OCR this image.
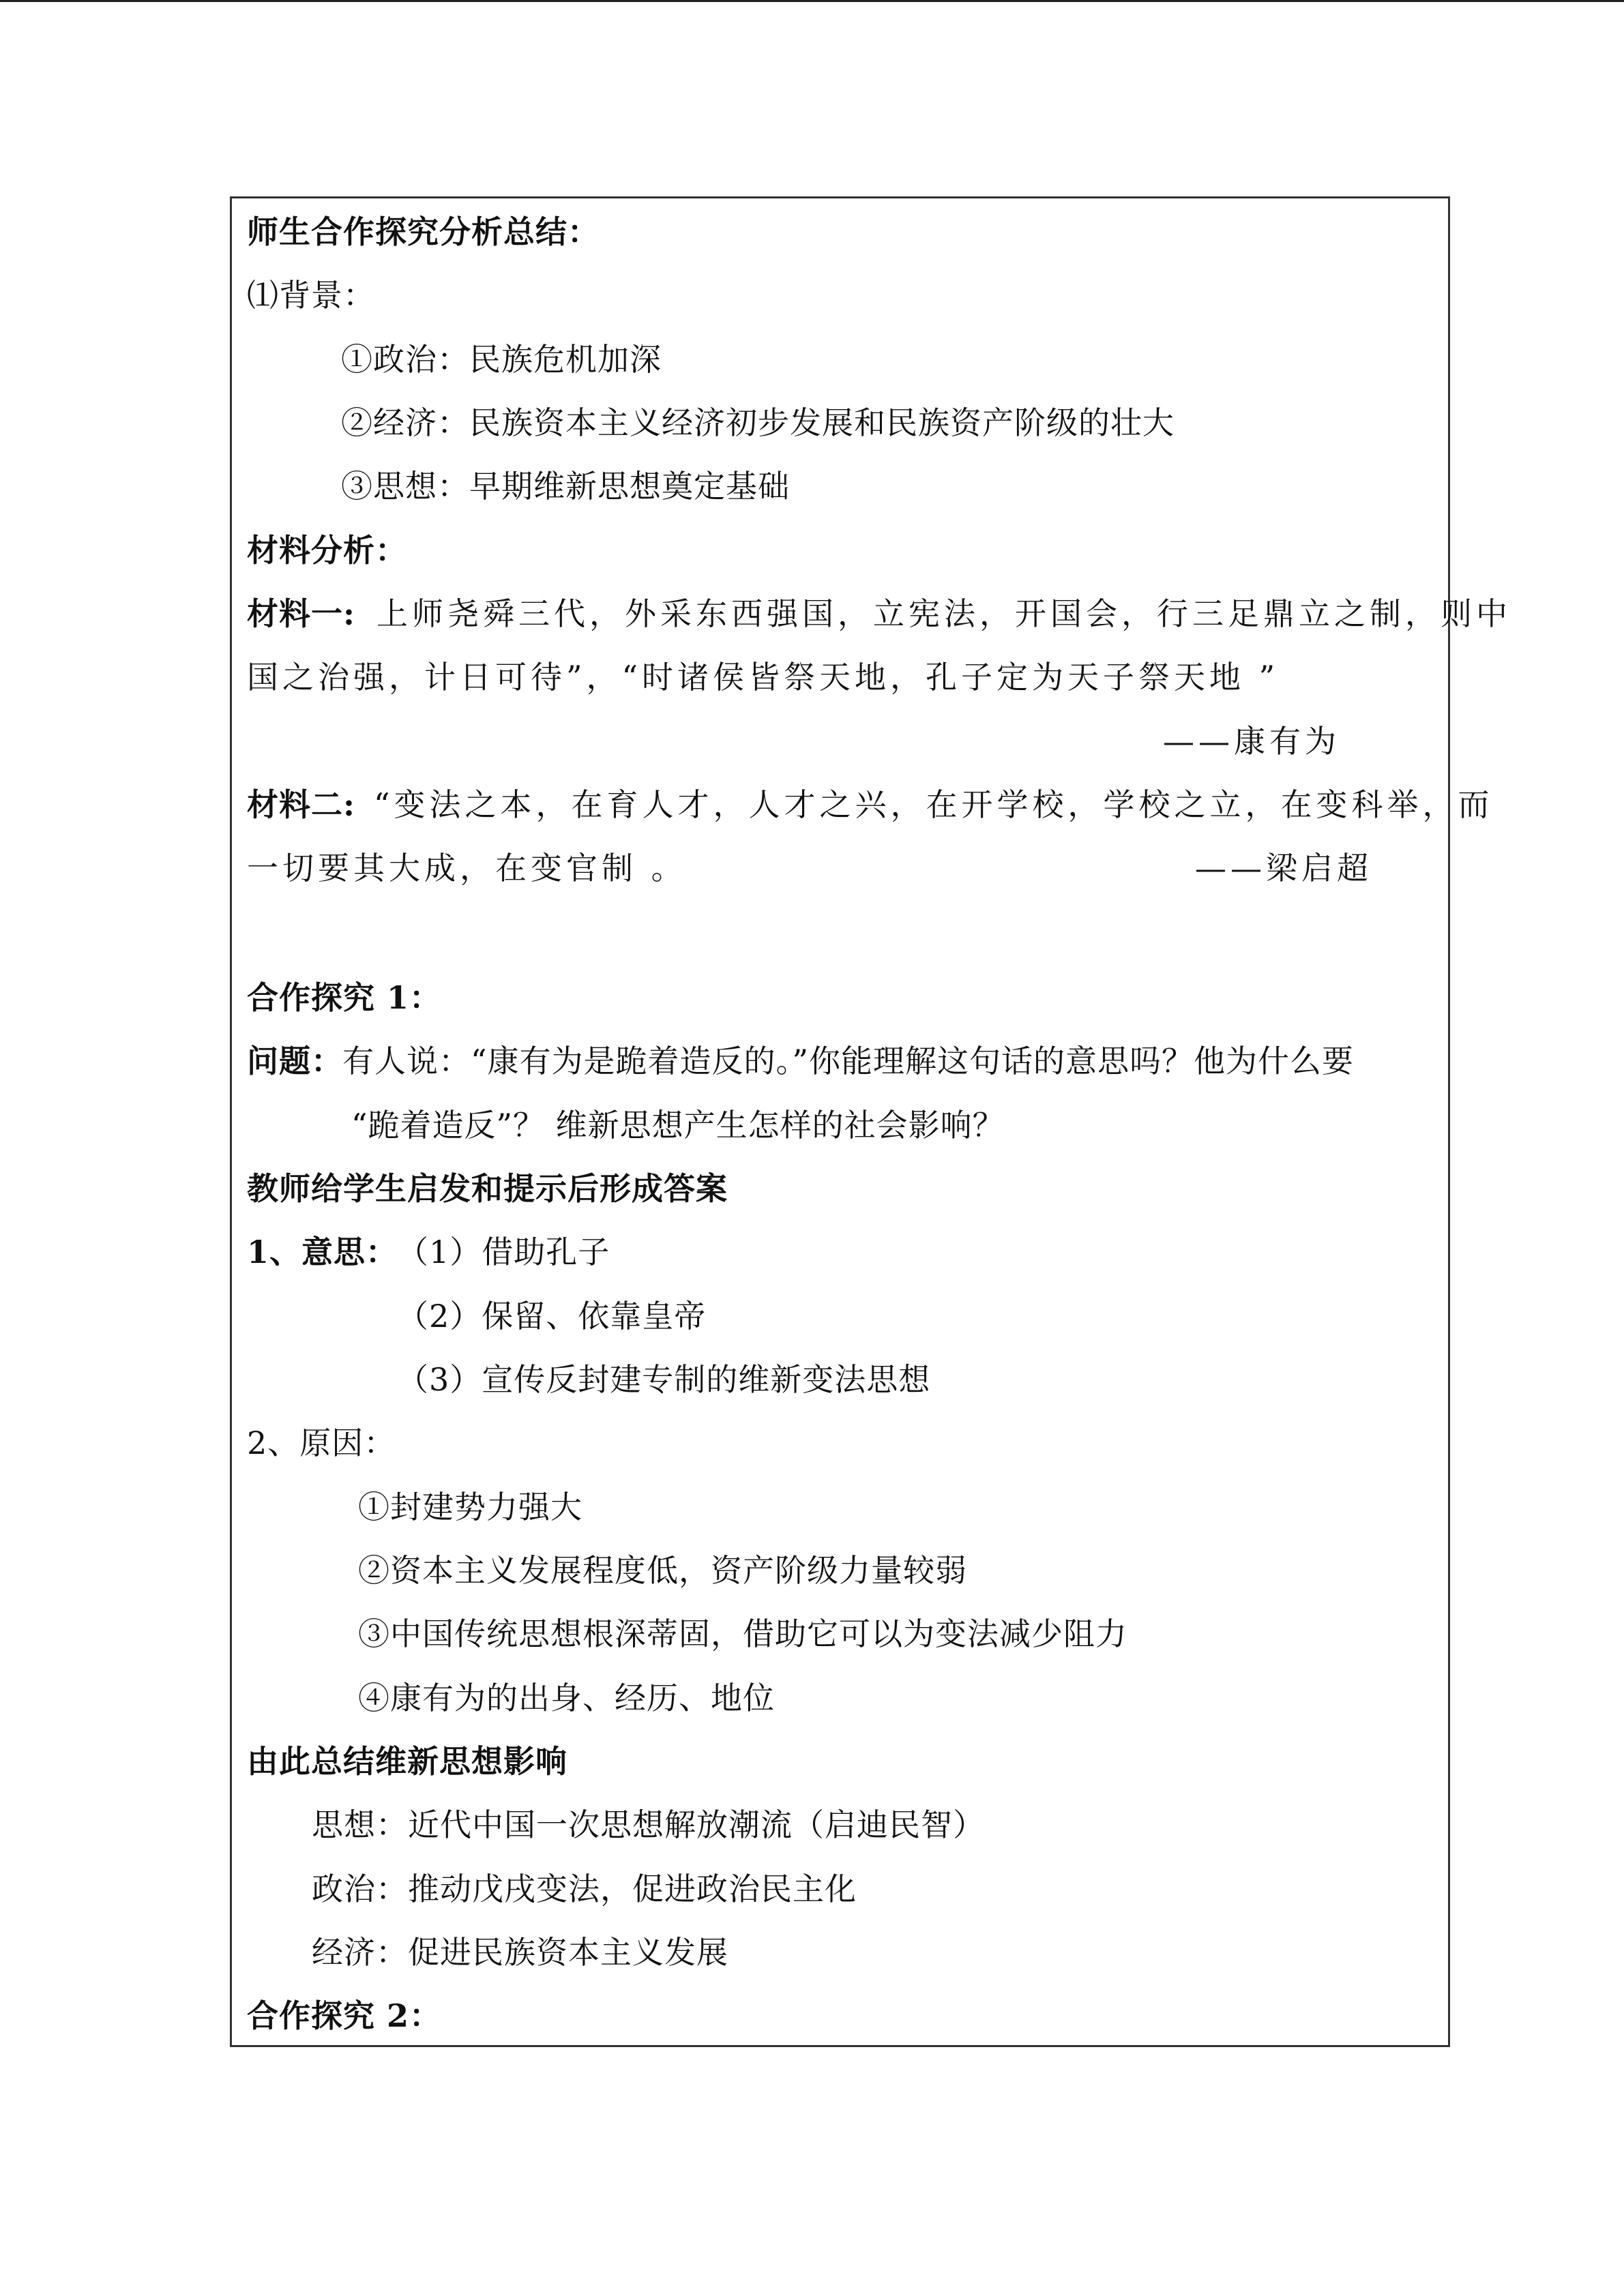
师生合作探究分析总结：
⑴背景：
①政治：民族危机加深
②经济：民族资本主义经济初步发展和民族资产阶级的壮大
③思想：早期维新思想奠定基础
材料分析：
材料一: 上师尧舜三代，外采东西强国，立宪法，开国会，行三足鼎立之制，则中
国之治强，计日可待”，“时诸侯皆祭天地，孔子定为天子祭天地 ”
——康有为
材料二: “变法之本，在育人才，人才之兴，在开学校，学校之立，在变科举，而
一切要其大成，在变官制 。	——梁启超
合作探究 1：
问题： 有人说：“康有为是跪着造反的。”你能理解这句话的意思吗？他为什么要
“跪着造反”？ 维新思想产生怎样的社会影响？
教师给学生启发和提示后形成答案
1、意思：
（1）借助孔子
（2）保留、依靠皇帝
（3）宣传反封建专制的维新变法思想
2、原因：
①封建势力强大
②资本主义发展程度低，资产阶级力量较弱
③中国传统思想根深蒂固，借助它可以为变法减少阻力
④康有为的出身、经历、地位
由此总结维新思想影响
思想：近代中国一次思想解放潮流（启迪民智）
政治：推动戊戌变法，促进政治民主化
经济：促进民族资本主义发展
合作探究 2：
